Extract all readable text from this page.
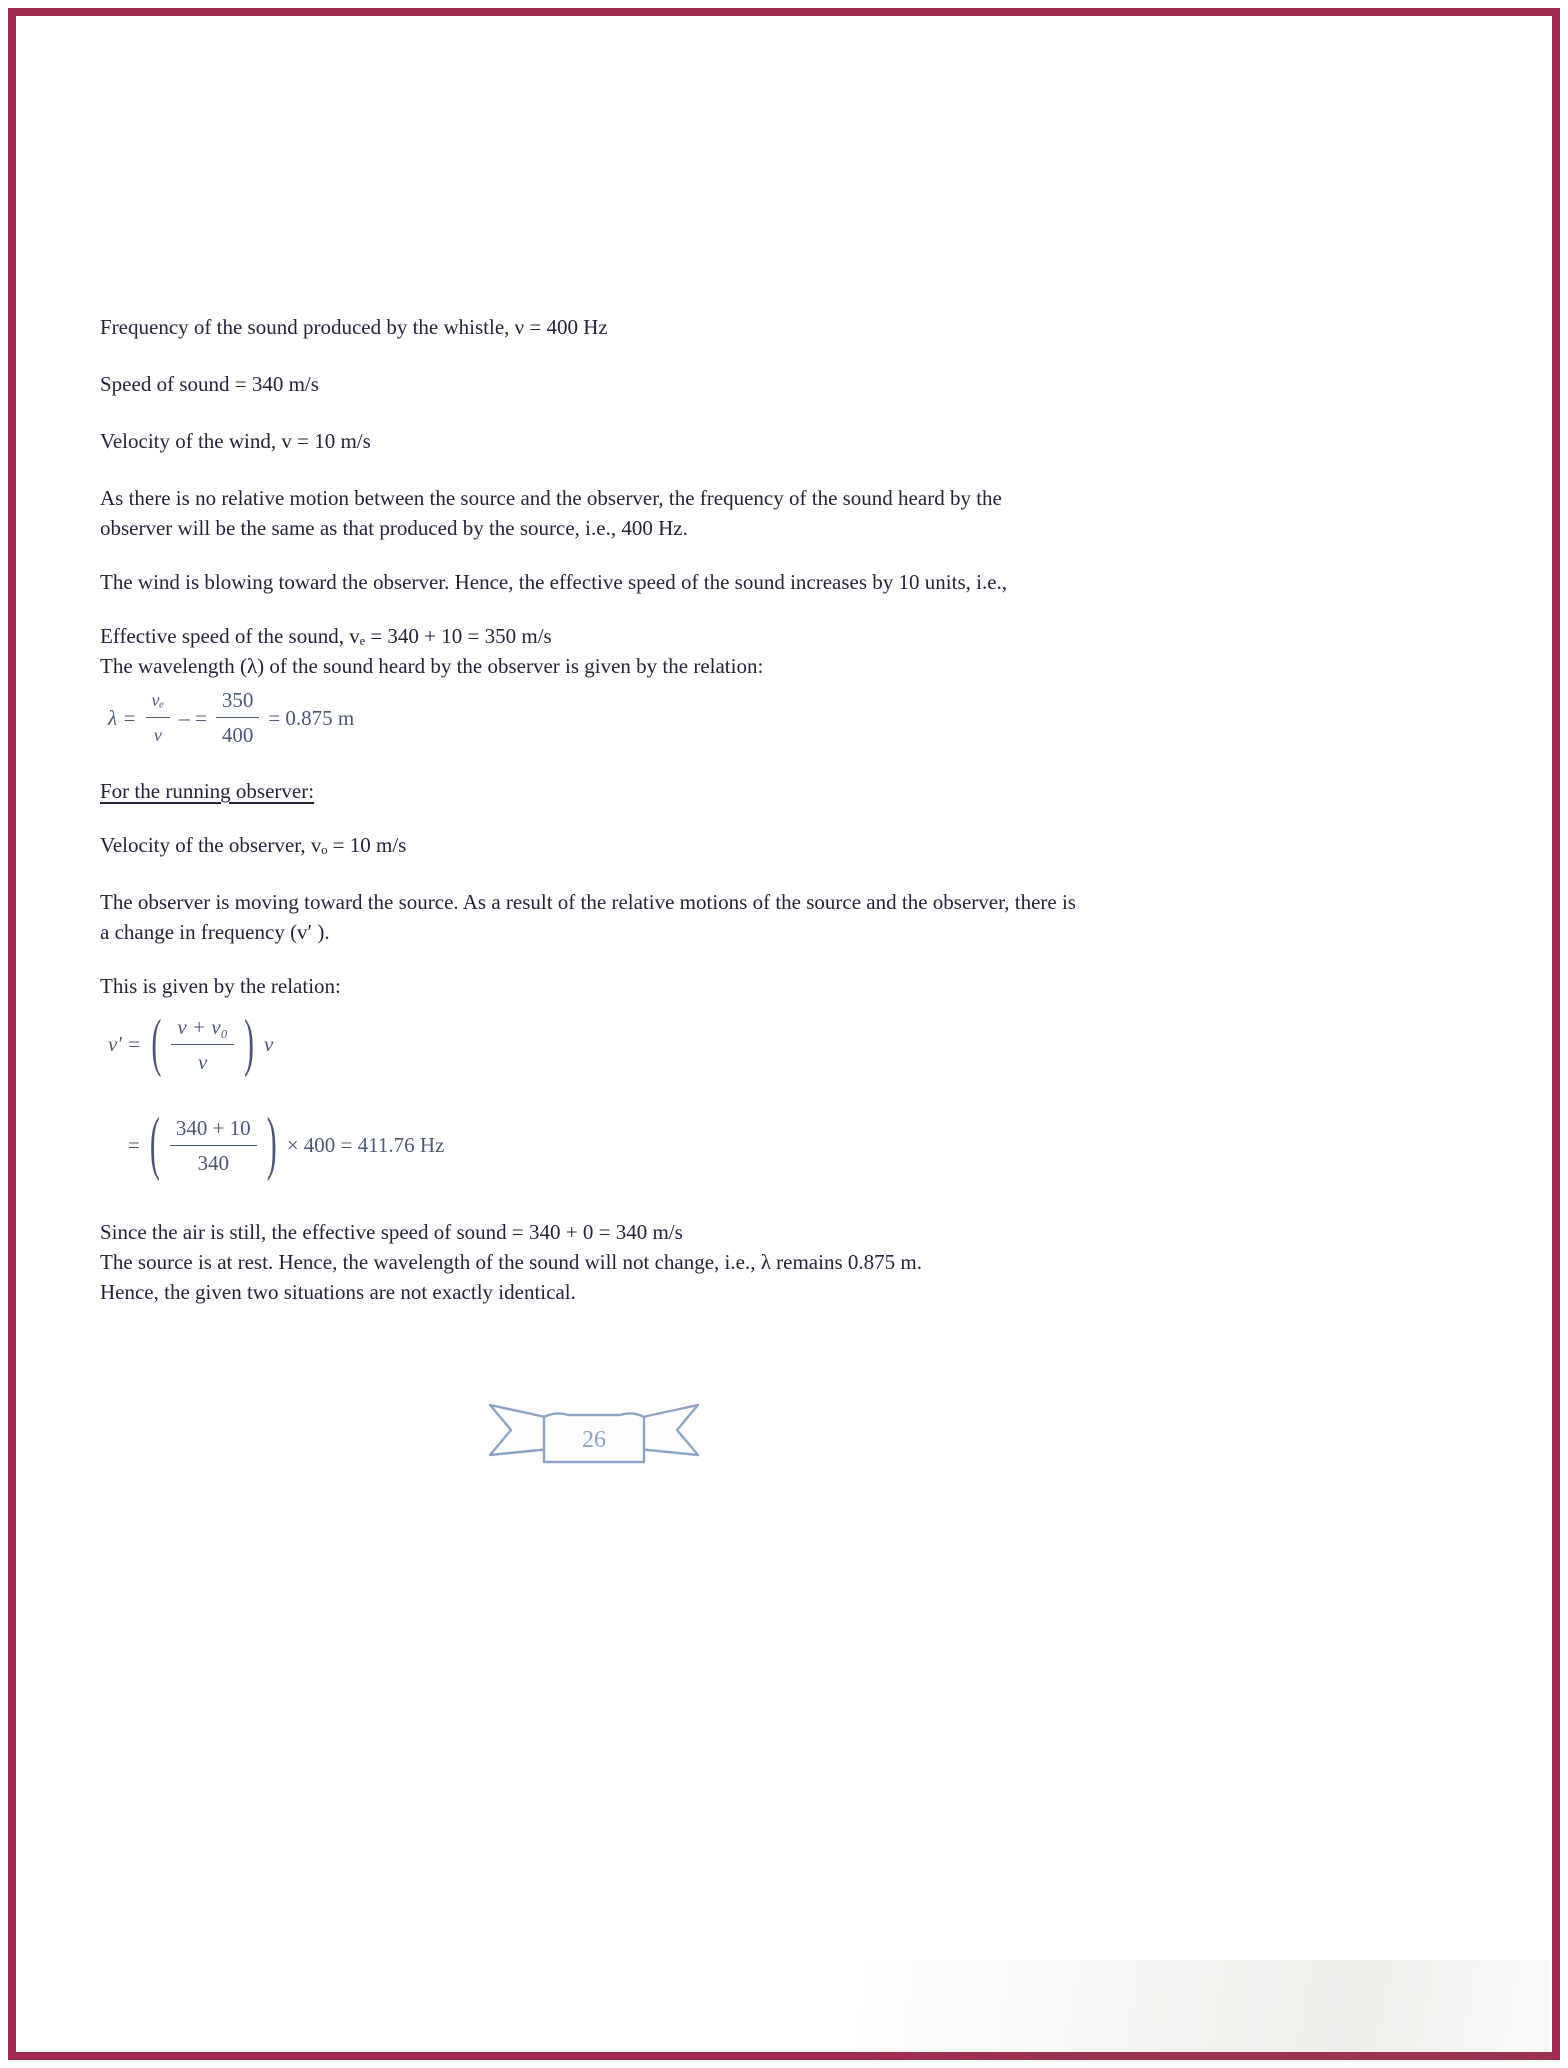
Frequency of the sound produced by the whistle, ν = 400 Hz

Speed of sound = 340 m/s

Velocity of the wind, v = 10 m/s

As there is no relative motion between the source and the observer, the frequency of the sound heard by the observer will be the same as that produced by the source, i.e., 400 Hz.

The wind is blowing toward the observer. Hence, the effective speed of the sound increases by 10 units, i.e.,

Effective speed of the sound, vₑ = 340 + 10 = 350 m/s

The wavelength (λ) of the sound heard by the observer is given by the relation:

$\lambda = \frac{\text{vₑ}}{v}$ – = $\frac{350}{400} = 0.875$ m

For the running observer:

Velocity of the observer, vₒ = 10 m/s

The observer is moving toward the source. As a result of the relative motions of the source and the observer, there is a change in frequency (v′ ).

This is given by the relation:

v′ = ( $\frac{\text{v + v₀}}{v}$ ) v
= ( $\frac{340 + 10}{340}$ ) × 400 = 411.76 Hz

Since the air is still, the effective speed of sound = 340 + 0 = 340 m/s

The source is at rest. Hence, the wavelength of the sound will not change, i.e., λ remains 0.875 m.

Hence, the given two situations are not exactly identical.

26
